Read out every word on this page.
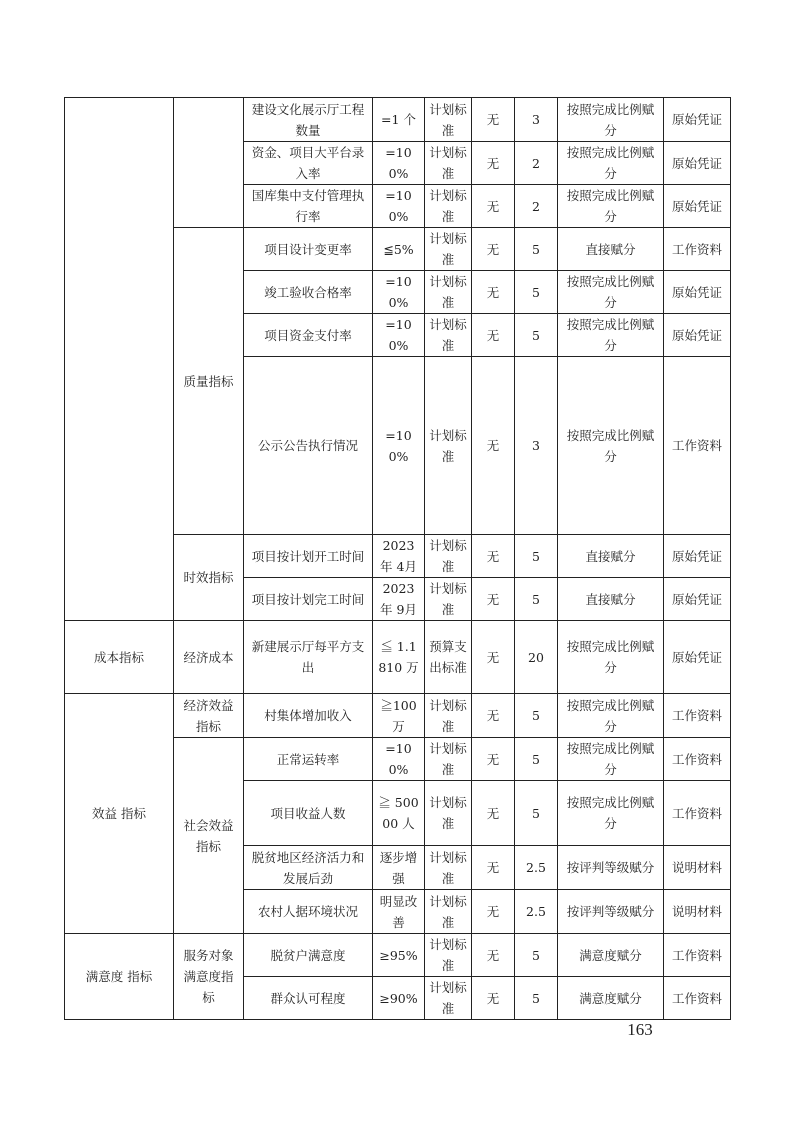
		建设文化展示厅工程数量	=1 个	计划标准	无	3	按照完成比例赋分	原始凭证
		资金、项目大平台录入率	=100%	计划标准	无	2	按照完成比例赋分	原始凭证
		国库集中支付管理执行率	=100%	计划标准	无	2	按照完成比例赋分	原始凭证
	质量指标	项目设计变更率	≦5%	计划标准	无	5	直接赋分	工作资料
		竣工验收合格率	=100%	计划标准	无	5	按照完成比例赋分	原始凭证
		项目资金支付率	=100%	计划标准	无	5	按照完成比例赋分	原始凭证
		公示公告执行情况	=100%	计划标准	无	3	按照完成比例赋分	工作资料
	时效指标	项目按计划开工时间	2023 年 4月	计划标准	无	5	直接赋分	原始凭证
		项目按计划完工时间	2023 年 9月	计划标准	无	5	直接赋分	原始凭证
成本指标	经济成本	新建展示厅每平方支出	≦ 1.1810 万	预算支出标准	无	20	按照完成比例赋分	原始凭证
效益 指标	经济效益指标	村集体增加收入	≧100 万	计划标准	无	5	按照完成比例赋分	工作资料
	社会效益指标	正常运转率	=100%	计划标准	无	5	按照完成比例赋分	工作资料
		项目收益人数	≧ 50000 人	计划标准	无	5	按照完成比例赋分	工作资料
		脱贫地区经济活力和发展后劲	逐步增强	计划标准	无	2.5	按评判等级赋分	说明材料
		农村人据环境状况	明显改善	计划标准	无	2.5	按评判等级赋分	说明材料
满意度 指标	服务对象满意度指标	脱贫户满意度	≥95%	计划标准	无	5	满意度赋分	工作资料
		群众认可程度	≥90%	计划标准	无	5	满意度赋分	工作资料
163
